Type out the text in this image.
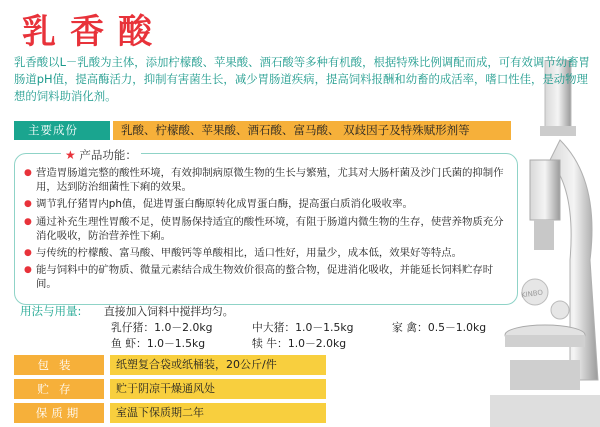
KINBO
乳香酸
乳香酸以L－乳酸为主体，添加柠檬酸、苹果酸、酒石酸等多种有机酸，根据特殊比例调配而成，可有效调节幼畜胃肠道pH值，提高酶活力，抑制有害菌生长，减少胃肠道疾病，提高饲料报酬和幼畜的成活率，嗜口性佳，是动物理想的饲料助消化剂。
主要成份	乳酸、柠檬酸、苹果酸、酒石酸、富马酸、 双歧因子及特殊赋形剂等
★ 产品功能：
● 营造胃肠道完整的酸性环境，有效抑制病原微生物的生长与繁殖，尤其对大肠杆菌及沙门氏菌的抑制作用，达到防治细菌性下痢的效果。
● 调节乳仔猪胃内ph值，促进胃蛋白酶原转化成胃蛋白酶，提高蛋白质消化吸收率。
● 通过补充生理性胃酸不足，使胃肠保持适宜的酸性环境，有阻于肠道内微生物的生存，使营养物质充分消化吸收，防治营养性下痢。
● 与传统的柠檬酸、富马酸、甲酸钙等单酸相比，适口性好，用量少，成本低，效果好等特点。
● 能与饲料中的矿物质、微量元素结合成生物效价很高的螯合物，促进消化吸收，并能延长饲料贮存时间。
用法与用量: 直接加入饲料中搅拌均匀。
乳仔猪：1.0－2.0kg	中大猪：1.0－1.5kg	家 禽：0.5－1.0kg
鱼 虾：1.0－1.5kg	犊 牛：1.0－2.0kg
包装	纸塑复合袋或纸桶装，20公斤/件
贮存	贮于阴凉干燥通风处
保质期	室温下保质期二年
